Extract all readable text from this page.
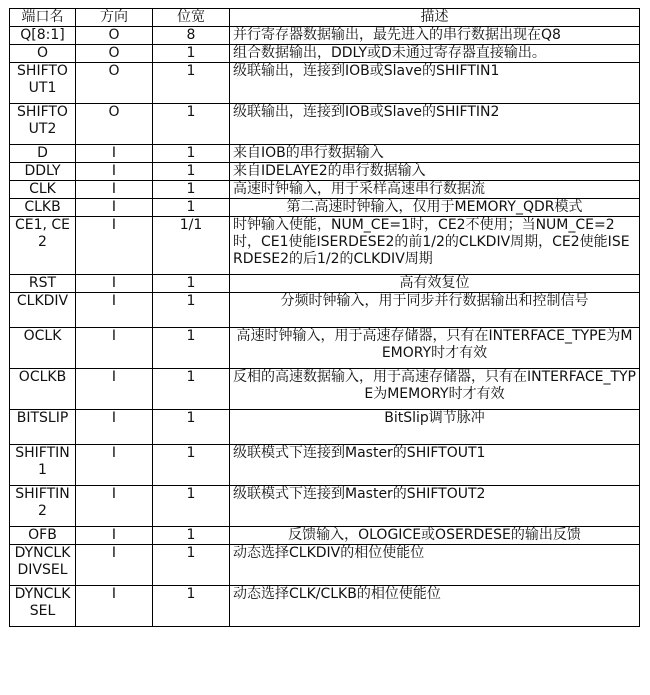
端口名	方向	位宽	描述
Q[8:1]	O	8	并行寄存器数据输出，最先进入的串行数据出现在Q8
O	O	1	组合数据输出，DDLY或D未通过寄存器直接输出。
SHIFTOUT1	O	1	级联输出，连接到IOB或Slave的SHIFTIN1
SHIFTOUT2	O	1	级联输出，连接到IOB或Slave的SHIFTIN2
D	I	1	来自IOB的串行数据输入
DDLY	I	1	来自IDELAYE2的串行数据输入
CLK	I	1	高速时钟输入，用于采样高速串行数据流
CLKB	I	1	第二高速时钟输入，仅用于MEMORY_QDR模式
CE1, CE2	I	1/1	时钟输入使能，NUM_CE=1时，CE2不使用；当NUM_CE=2时，CE1使能ISERDESE2的前1/2的CLKDIV周期，CE2使能ISERDESE2的后1/2的CLKDIV周期
RST	I	1	高有效复位
CLKDIV	I	1	分频时钟输入，用于同步并行数据输出和控制信号
OCLK	I	1	高速时钟输入，用于高速存储器，只有在INTERFACE_TYPE为MEMORY时才有效
OCLKB	I	1	反相的高速数据输入，用于高速存储器，只有在INTERFACE_TYPE为MEMORY时才有效
BITSLIP	I	1	BitSlip调节脉冲
SHIFTIN1	I	1	级联模式下连接到Master的SHIFTOUT1
SHIFTIN2	I	1	级联模式下连接到Master的SHIFTOUT2
OFB	I	1	反馈输入，OLOGICE或OSERDESE的输出反馈
DYNCLKDIVSEL	I	1	动态选择CLKDIV的相位使能位
DYNCLKSEL	I	1	动态选择CLK/CLKB的相位使能位
